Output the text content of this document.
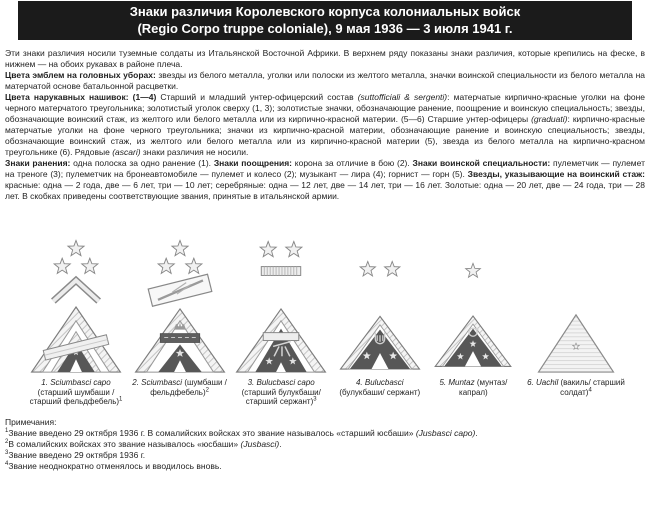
Знаки различия Королевского корпуса колониальных войск
(Regio Corpo truppe coloniale), 9 мая 1936 — 3 июля 1941 г.

Эти знаки различия носили туземные солдаты из Итальянской Восточной Африки. В верхнем ряду показаны знаки различия, которые крепились на феске, в нижнем — на обоих рукавах в районе плеча.

Цвета эмблем на головных уборах: звезды из белого металла, уголки или полоски из желтого металла, значки воинской специальности из белого металла на матерчатой основе батальонной расцветки.

Цвета нарукавных нашивок: (1—4) Старший и младший унтер-офицерский состав (suttofficiali & sergenti): матерчатые кирпично-красные уголки на фоне черного матерчатого треугольника; золотистый уголок сверху (1, 3); золотистые значки, обозначающие ранение, поощрение и воинскую специальность; звезды, обозначающие воинский стаж, из желтого или белого металла или из кирпично-красной материи. (5—6) Старшие унтер-офицеры (graduati): кирпично-красные матерчатые уголки на фоне черного треугольника; значки из кирпично-красной материи, обозначающие ранение и воинскую специальность; звезды, обозначающие воинский стаж, из желтого или белого металла или из кирпично-красной материи (5), звезда из белого металла на кирпично-красном треугольнике (6). Рядовые (ascari) знаки различия не носили.

Знаки ранения: одна полоска за одно ранение (1). Знаки поощрения: корона за отличие в бою (2). Знаки воинской специальности: пулеметчик — пулемет на треноге (3); пулеметчик на бронеавтомобиле — пулемет и колесо (2); музыкант — лира (4); горнист — горн (5). Звезды, указывающие на воинский стаж: красные: одна — 2 года, две — 6 лет, три — 10 лет; серебряные: одна — 12 лет, две — 14 лет, три — 16 лет. Золотые: одна — 20 лет, две — 24 года, три — 28 лет. В скобках приведены соответствующие звания, принятые в итальянской армии.

1. Sciumbasci capo (старший шумбаши / старший фельдфебель)$^1$
2. Sciumbasci (шумбаши / фельдфебель)$^2$
3. Bulucbasci capo (старший булукбаши/ старший сержант)$^3$
4. Bulucbasci (булукбаши/ сержант)
5. Muntaz (мунтаз/ капрал)
6. Uachil (вакиль/ старший солдат)$^4$
Примечания:
$^1$Звание введено 29 октября 1936 г. В сомалийских войсках это звание называлось «старший юсбаши» (Jusbasci capo).
$^2$В сомалийских войсках это звание называлось «юсбаши» (Jusbasci).
$^3$Звание введено 29 октября 1936 г.
$^4$Звание неоднократно отменялось и вводилось вновь.
